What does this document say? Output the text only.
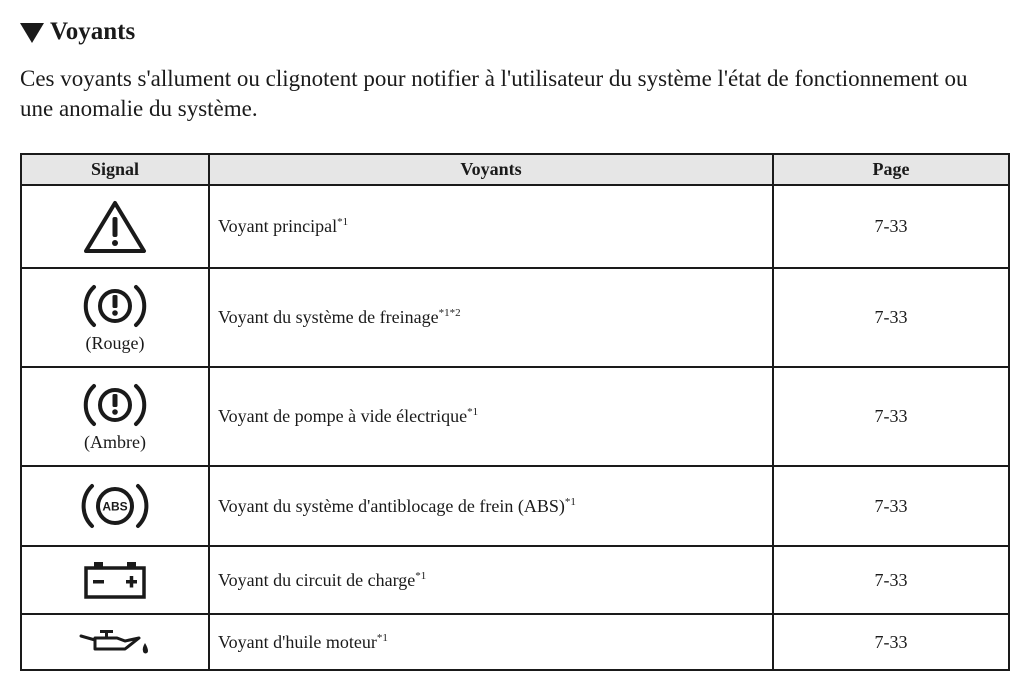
Voyants
Ces voyants s'allument ou clignotent pour notifier à l'utilisateur du système l'état de fonctionnement ou une anomalie du système.
Signal	Voyants	Page

	Voyant principal$^{*1}$	7-33

(Rouge)	Voyant du système de freinage$^{*1*2}$	7-33

(Ambre)	Voyant de pompe à vide électrique$^{*1}$	7-33

ABS	Voyant du système d'antiblocage de frein (ABS)$^{*1}$	7-33

	Voyant du circuit de charge$^{*1}$	7-33

	Voyant d'huile moteur$^{*1}$	7-33
